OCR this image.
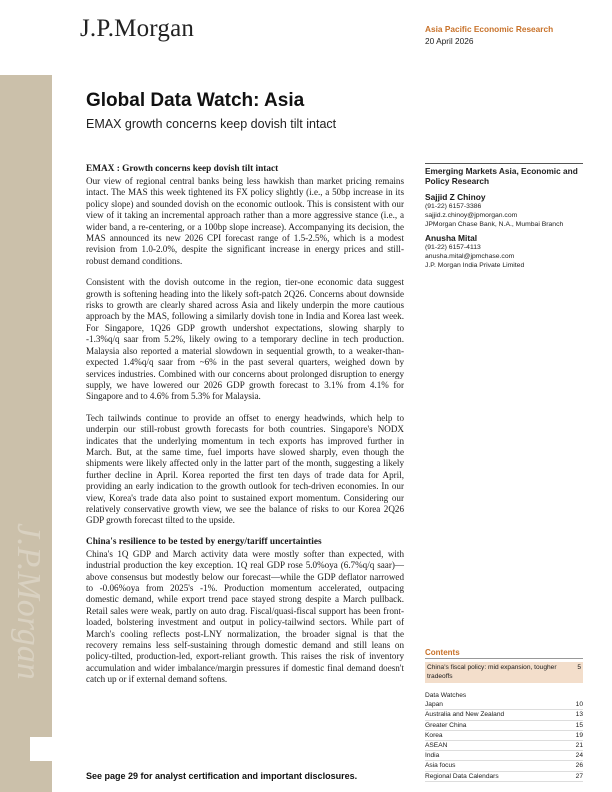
J.P.Morgan	Asia Pacific Economic Research
20 April 2026
J.P.Morgan
Global Data Watch: Asia
EMAX growth concerns keep dovish tilt intact
EMAX : Growth concerns keep dovish tilt intact

Our view of regional central banks being less hawkish than market pricing remains intact. The MAS this week tightened its FX policy slightly (i.e., a 50bp increase in its policy slope) and sounded dovish on the economic outlook. This is consistent with our view of it taking an incremental approach rather than a more aggressive stance (i.e., a wider band, a re-centering, or a 100bp slope increase). Accompanying its decision, the MAS announced its new 2026 CPI forecast range of 1.5-2.5%, which is a modest revision from 1.0-2.0%, despite the significant increase in energy prices and still-robust demand conditions.

Consistent with the dovish outcome in the region, tier-one economic data suggest growth is softening heading into the likely soft-patch 2Q26. Concerns about downside risks to growth are clearly shared across Asia and likely underpin the more cautious approach by the MAS, following a similarly dovish tone in India and Korea last week. For Singapore, 1Q26 GDP growth undershot expectations, slowing sharply to -1.3%q/q saar from 5.2%, likely owing to a temporary decline in tech production. Malaysia also reported a material slowdown in sequential growth, to a weaker-than-expected 1.4%q/q saar from ~6% in the past several quarters, weighed down by services industries. Combined with our concerns about prolonged disruption to energy supply, we have lowered our 2026 GDP growth forecast to 3.1% from 4.1% for Singapore and to 4.6% from 5.3% for Malaysia.

Tech tailwinds continue to provide an offset to energy headwinds, which help to underpin our still-robust growth forecasts for both countries. Singapore's NODX indicates that the underlying momentum in tech exports has improved further in March. But, at the same time, fuel imports have slowed sharply, even though the shipments were likely affected only in the latter part of the month, suggesting a likely further decline in April. Korea reported the first ten days of trade data for April, providing an early indication to the growth outlook for tech-driven economies. In our view, Korea's trade data also point to sustained export momentum. Considering our relatively conservative growth view, we see the balance of risks to our Korea 2Q26 GDP growth forecast tilted to the upside.

China's resilience to be tested by energy/tariff uncertainties

China's 1Q GDP and March activity data were mostly softer than expected, with industrial production the key exception. 1Q real GDP rose 5.0%oya (6.7%q/q saar)—above consensus but modestly below our forecast—while the GDP deflator narrowed to -0.06%oya from 2025's -1%. Production momentum accelerated, outpacing domestic demand, while export trend pace stayed strong despite a March pullback. Retail sales were weak, partly on auto drag. Fiscal/quasi-fiscal support has been front-loaded, bolstering investment and output in policy-tailwind sectors. While part of March's cooling reflects post-LNY normalization, the broader signal is that the recovery remains less self-sustaining through domestic demand and still leans on policy-tilted, production-led, export-reliant growth. This raises the risk of inventory accumulation and wider imbalance/margin pressures if domestic final demand doesn't catch up or if external demand softens.

See page 29 for analyst certification and important disclosures.
Emerging Markets Asia, Economic and Policy Research
Sajjid Z Chinoy
(91-22) 6157-3386
sajjid.z.chinoy@jpmorgan.com
JPMorgan Chase Bank, N.A., Mumbai Branch
Anusha Mital
(91-22) 6157-4113
anusha.mital@jpmchase.com
J.P. Morgan India Private Limited
Contents
China's fiscal policy: mid expansion, tougher tradeoffs
5
Data Watches
Japan	10
Australia and New Zealand	13
Greater China	15
Korea	19
ASEAN	21
India	24
Asia focus	26
Regional Data Calendars	27
